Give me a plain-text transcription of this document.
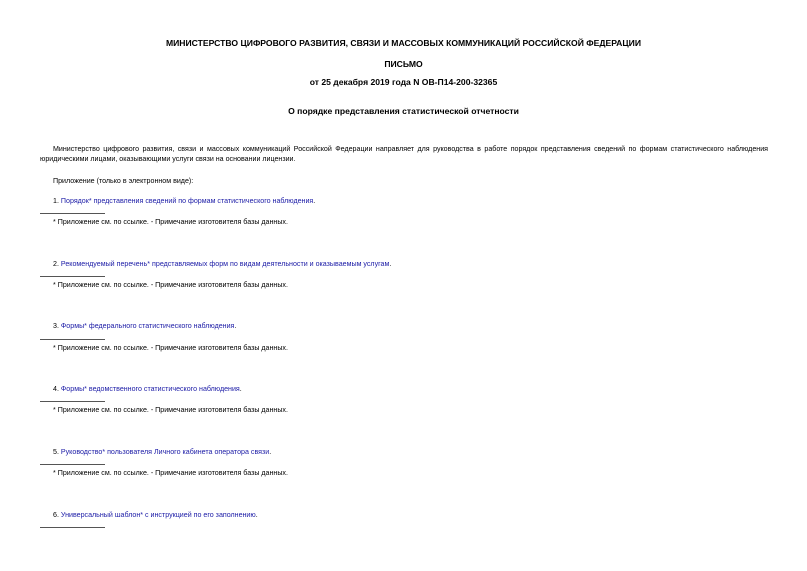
МИНИСТЕРСТВО ЦИФРОВОГО РАЗВИТИЯ, СВЯЗИ И МАССОВЫХ КОММУНИКАЦИЙ РОССИЙСКОЙ ФЕДЕРАЦИИ
ПИСЬМО
от 25 декабря 2019 года N ОВ-П14-200-32365
О порядке представления статистической отчетности
Министерство цифрового развития, связи и массовых коммуникаций Российской Федерации направляет для руководства в работе порядок представления сведений по формам статистического наблюдения юридическими лицами, оказывающими услуги связи на основании лицензии.
Приложение (только в электронном виде):
1. Порядок* представления сведений по формам статистического наблюдения.
* Приложение см. по ссылке. - Примечание изготовителя базы данных.
2. Рекомендуемый перечень* представляемых форм по видам деятельности и оказываемым услугам.
* Приложение см. по ссылке. - Примечание изготовителя базы данных.
3. Формы* федерального статистического наблюдения.
* Приложение см. по ссылке. - Примечание изготовителя базы данных.
4. Формы* ведомственного статистического наблюдения.
* Приложение см. по ссылке. - Примечание изготовителя базы данных.
5. Руководство* пользователя Личного кабинета оператора связи.
* Приложение см. по ссылке. - Примечание изготовителя базы данных.
6. Универсальный шаблон* с инструкцией по его заполнению.
